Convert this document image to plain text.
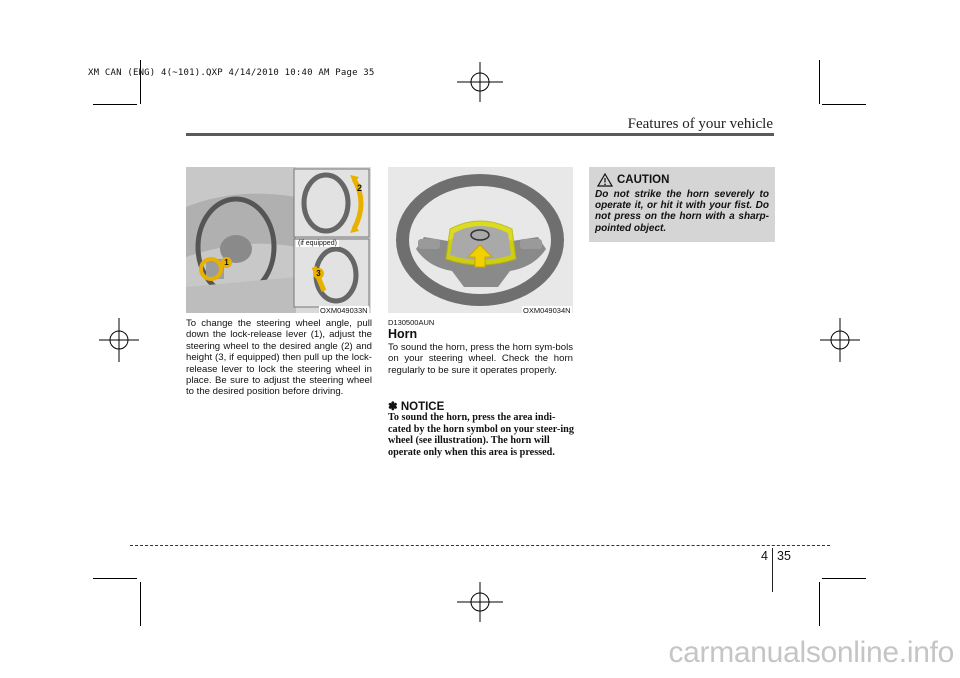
XM CAN (ENG) 4(~101).QXP 4/14/2010 10:40 AM Page 35
Features of your vehicle
1
2
3
(if equipped)
OXM049033N
To change the steering wheel angle, pull down the lock-release lever (1), adjust the steering wheel to the desired angle (2) and height (3, if equipped) then pull up the lock-release lever to lock the steering wheel in place. Be sure to adjust the steering wheel to the desired position before driving.
OXM049034N
D130500AUN
Horn
To sound the horn, press the horn sym-bols on your steering wheel. Check the horn regularly to be sure it operates properly.
✽ NOTICE
To sound the horn, press the area indi-cated by the horn symbol on your steer-ing wheel (see illustration). The horn will operate only when this area is pressed.
CAUTION
Do not strike the horn severely to operate it, or hit it with your fist. Do not press on the horn with a sharp-pointed object.
4 35
carmanualsonline.info
